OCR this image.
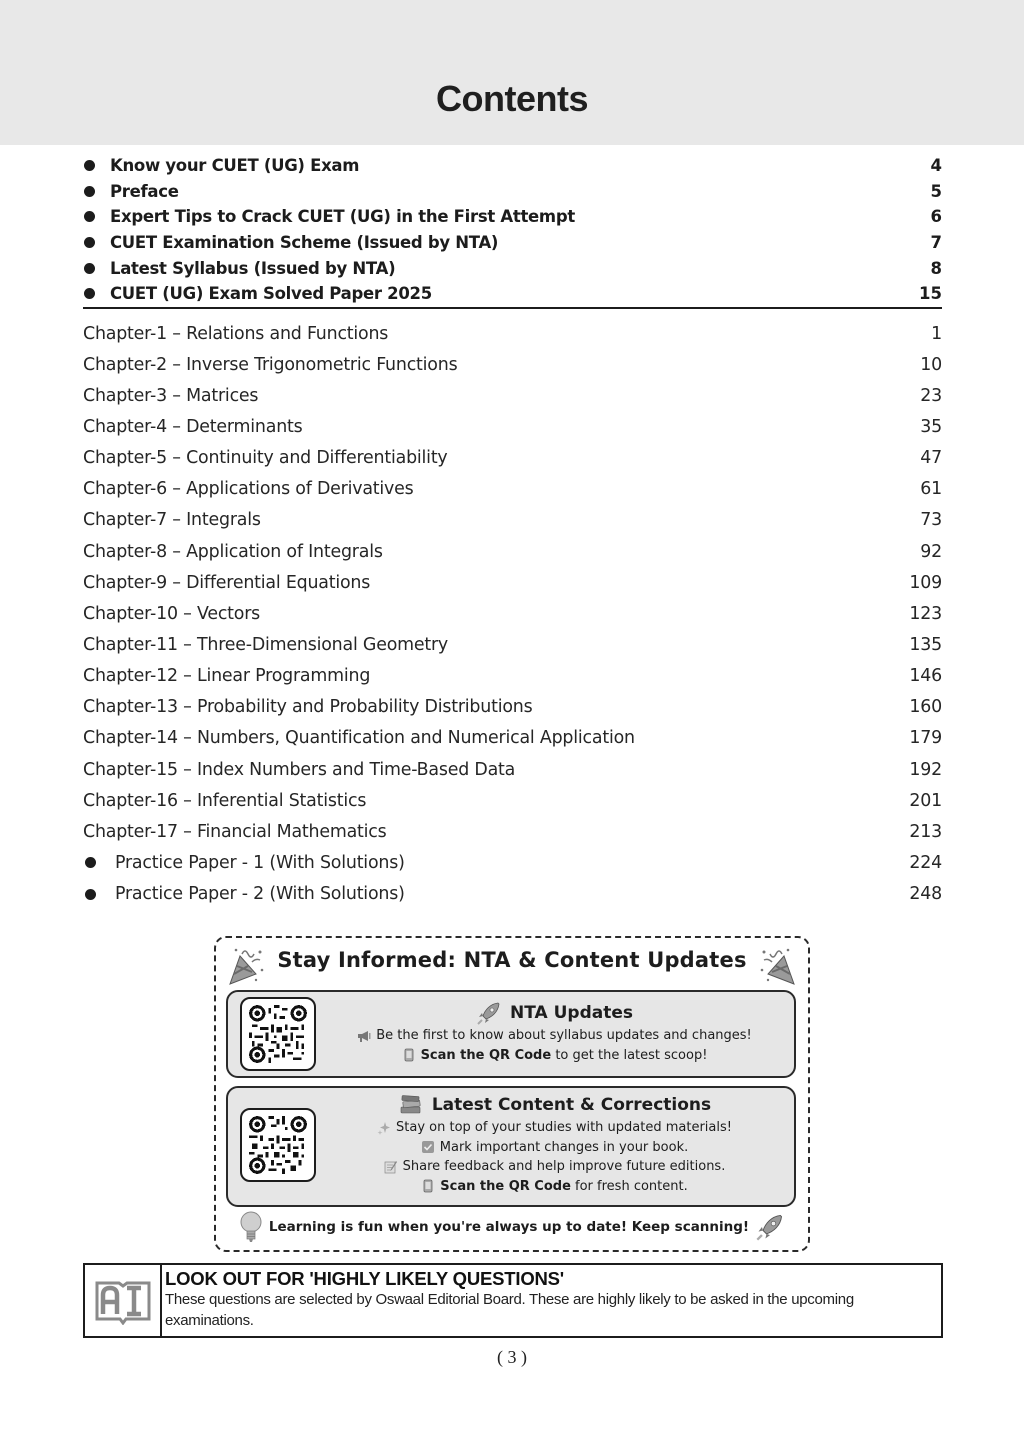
Contents
Know your CUET (UG) Exam	4
Preface	5
Expert Tips to Crack CUET (UG) in the First Attempt	6
CUET Examination Scheme (Issued by NTA)	7
Latest Syllabus (Issued by NTA)	8
CUET (UG) Exam Solved Paper 2025	15
Chapter-1 – Relations and Functions	1
Chapter-2 – Inverse Trigonometric Functions	10
Chapter-3 – Matrices	23
Chapter-4 – Determinants	35
Chapter-5 – Continuity and Differentiability	47
Chapter-6 – Applications of Derivatives	61
Chapter-7 – Integrals	73
Chapter-8 – Application of Integrals	92
Chapter-9 – Differential Equations	109
Chapter-10 – Vectors	123
Chapter-11 – Three-Dimensional Geometry	135
Chapter-12 – Linear Programming	146
Chapter-13 – Probability and Probability Distributions	160
Chapter-14 – Numbers, Quantification and Numerical Application	179
Chapter-15 – Index Numbers and Time-Based Data	192
Chapter-16 – Inferential Statistics	201
Chapter-17 – Financial Mathematics	213
Practice Paper - 1 (With Solutions)	224
Practice Paper - 2 (With Solutions)	248
Stay Informed: NTA & Content Updates
NTA Updates
Be the first to know about syllabus updates and changes!
Scan the QR Code to get the latest scoop!
Latest Content & Corrections
Stay on top of your studies with updated materials!
Mark important changes in your book.
Share feedback and help improve future editions.
Scan the QR Code for fresh content.
Learning is fun when you're always up to date! Keep scanning!
LOOK OUT FOR 'HIGHLY LIKELY QUESTIONS'
These questions are selected by Oswaal Editorial Board. These are highly likely to be asked in the upcoming examinations.
( 3 )
